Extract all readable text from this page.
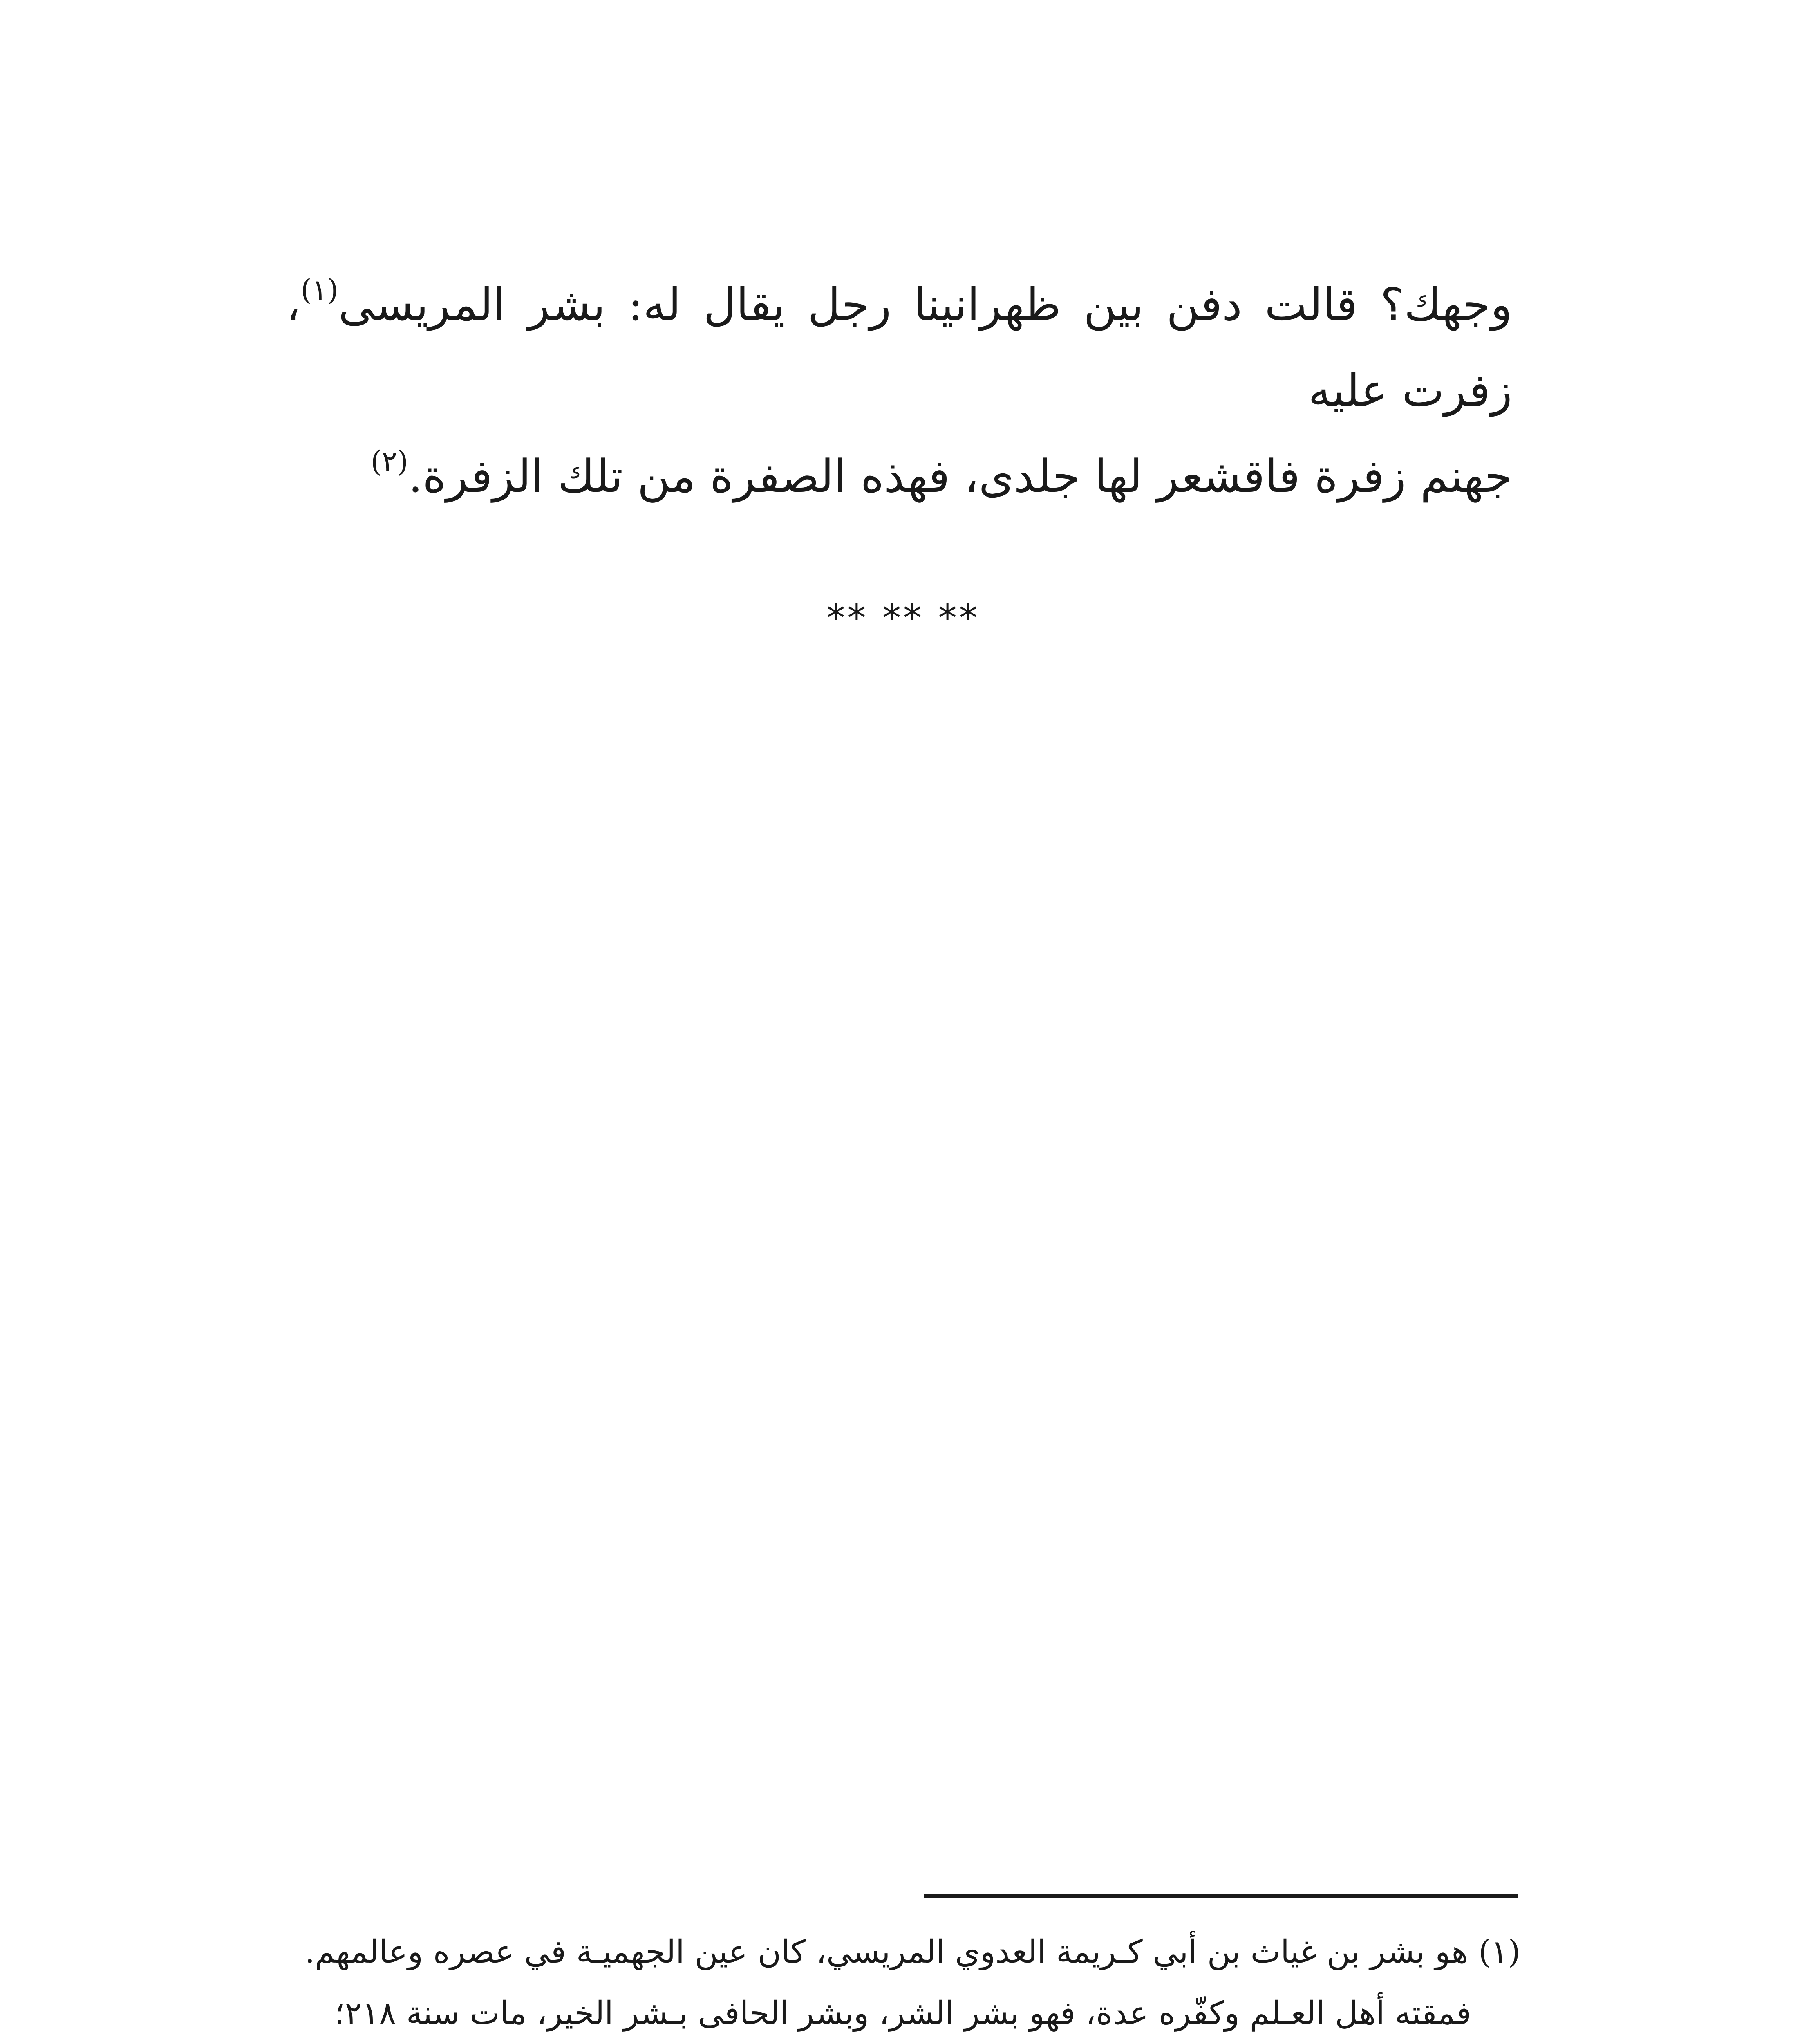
وجهك؟ قالت دفن بين ظهرانينا رجل يقال له: بشر المريسى$^{(١)}$، زفرت عليه

جهنم زفرة فاقشعر لها جلدى، فهذه الصفرة من تلك الزفرة.$^{(٢)}$

** ** **

(١) هو بشر بن غياث بن أبي كـريمة العدوي المريسي، كان عين الجهميـة في عصره وعالمهم.

فمقته أهل العـلم وكفّره عدة، فهو بشر الشر، وبشر الحافى بـشر الخير، مات سنة ٢١٨؛
